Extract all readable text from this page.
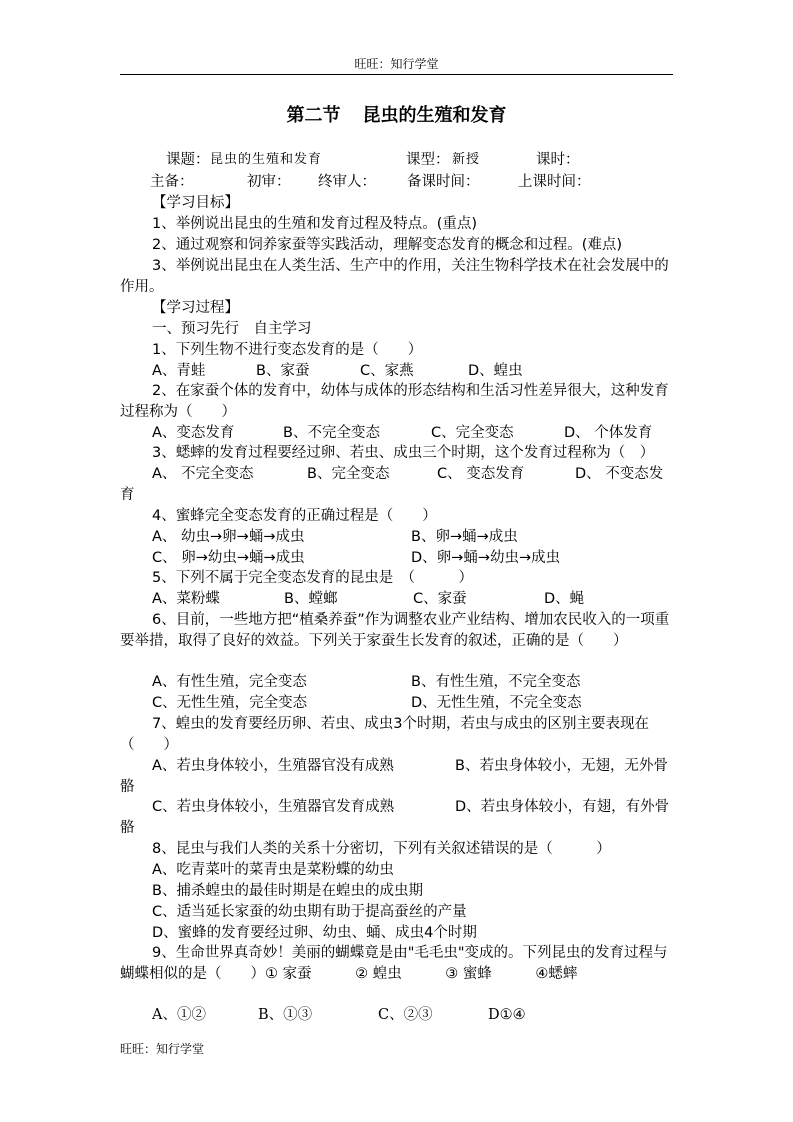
旺旺：知行学堂
第二节 昆虫的生殖和发育
课题： 昆虫的生殖和发育	课型： 新授	课时：
主备：	初审： 终审人： 备课时间：	上课时间：
【学习目标】
1、举例说出昆虫的生殖和发育过程及特点。(重点)
2、通过观察和饲养家蚕等实践活动，理解变态发育的概念和过程。(难点)
3、举例说出昆虫在人类生活、生产中的作用，关注生物科学技术在社会发展中的作用。
【学习过程】
一、预习先行　自主学习
1、下列生物不进行变态发育的是（　　）
A、青蛙	B、家蚕	C、家燕	D、蝗虫
2、在家蚕个体的发育中，幼体与成体的形态结构和生活习性差异很大，这种发育过程称为（　　）
A、变态发育	B、不完全变态	C、完全变态	D、 个体发育
3、蟋蟀的发育过程要经过卵、若虫、成虫三个时期，这个发育过程称为（　）
A、 不完全变态	B、完全变态	C、 变态发育	D、 不变态发育
4、蜜蜂完全变态发育的正确过程是（　　）
A、 幼虫→卵→蛹→成虫	B、卵→蛹→成虫
C、 卵→幼虫→蛹→成虫	D、卵→蛹→幼虫→成虫
5、下列不属于完全变态发育的昆虫是　（　　　）
A、菜粉蝶	B、螳螂	C、家蚕	D、蝇
6、目前，一些地方把“植桑养蚕”作为调整农业产业结构、增加农民收入的一项重要举措，取得了良好的效益。下列关于家蚕生长发育的叙述，正确的是（　　）
A、有性生殖，完全变态	B、有性生殖，不完全变态
C、无性生殖，完全变态	D、无性生殖，不完全变态
7、蝗虫的发育要经历卵、若虫、成虫3个时期，若虫与成虫的区别主要表现在（　　）
A、若虫身体较小，生殖器官没有成熟	B、若虫身体较小，无翅，无外骨骼
C、若虫身体较小，生殖器官发育成熟	D、若虫身体较小，有翅，有外骨骼
8、昆虫与我们人类的关系十分密切，下列有关叙述错误的是（　　　）
A、吃青菜叶的菜青虫是菜粉蝶的幼虫
B、捕杀蝗虫的最佳时期是在蝗虫的成虫期
C、适当延长家蚕的幼虫期有助于提高蚕丝的产量
D、蜜蜂的发育要经过卵、幼虫、蛹、成虫4个时期
9、生命世界真奇妙！美丽的蝴蝶竟是由"毛毛虫"变成的。下列昆虫的发育过程与蝴蝶相似的是（　　）① 家蚕　　　② 蝗虫　　　③ 蜜蜂　　　④蟋蟀
A、①②	B、①③	C、②③	D①④
旺旺：知行学堂
